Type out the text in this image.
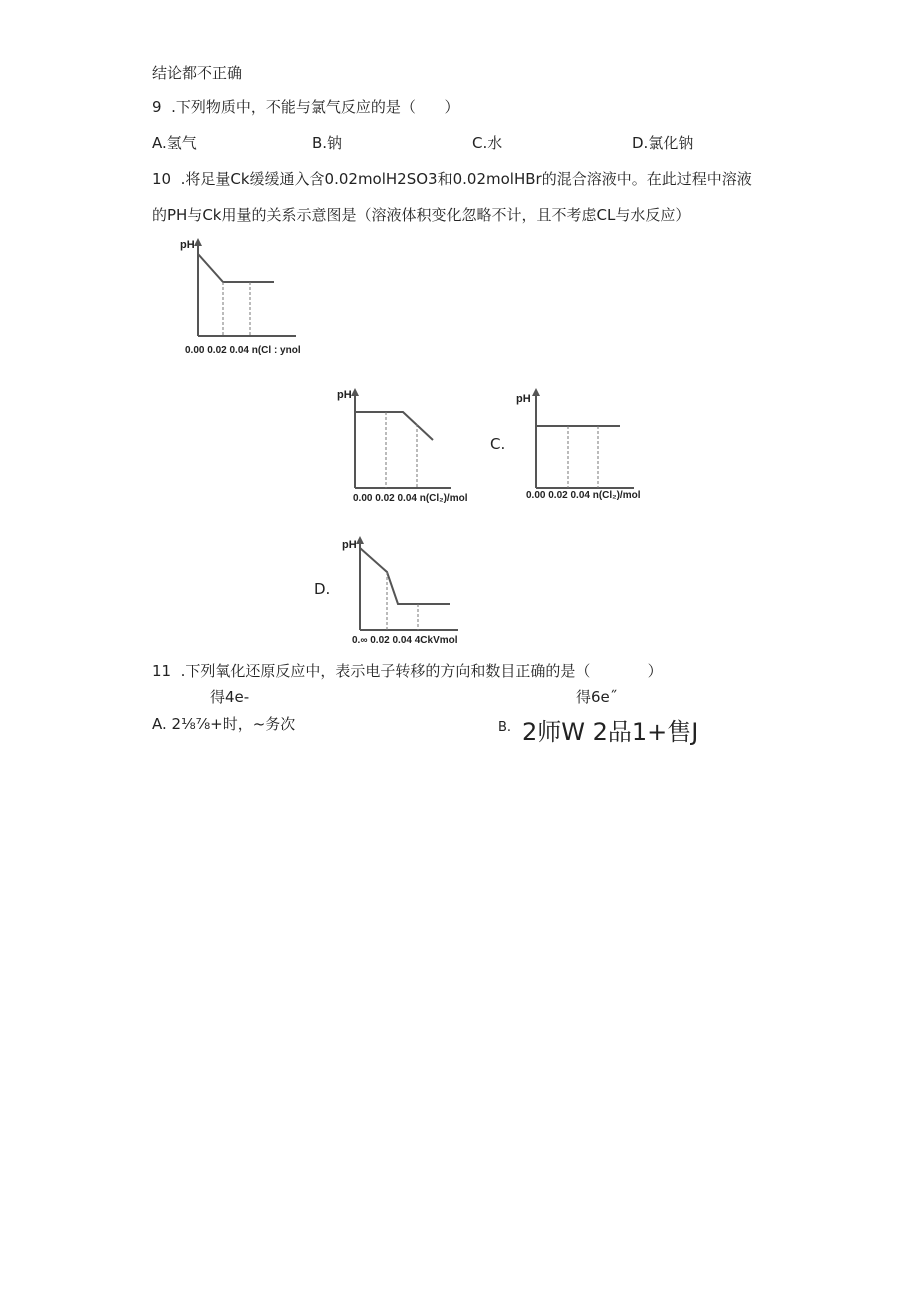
结论都不正确
9  .下列物质中，不能与氯气反应的是（      ）
A.氢气	B.钠	C.水	D.氯化钠
10  .将足量Ck缓缓通入含0.02molH2SO3和0.02molHBr的混合溶液中。在此过程中溶液
的PH与Ck用量的关系示意图是（溶液体积变化忽略不计，且不考虑CL与水反应）
pH
0.00 0.02 0.04 n(Cl : ynol
pH
0.00 0.02 0.04 n(Cl₂)/mol
C.
pH
0.00 0.02 0.04 n(Cl₂)/mol
D.
pH
0.∞ 0.02 0.04 4CkVmol
11  .下列氧化还原反应中，表示电子转移的方向和数目正确的是（            ）
得4e-	得6e˝
A. 2⅛⅞+时，~务次	B. 2师W 2品1+售J
